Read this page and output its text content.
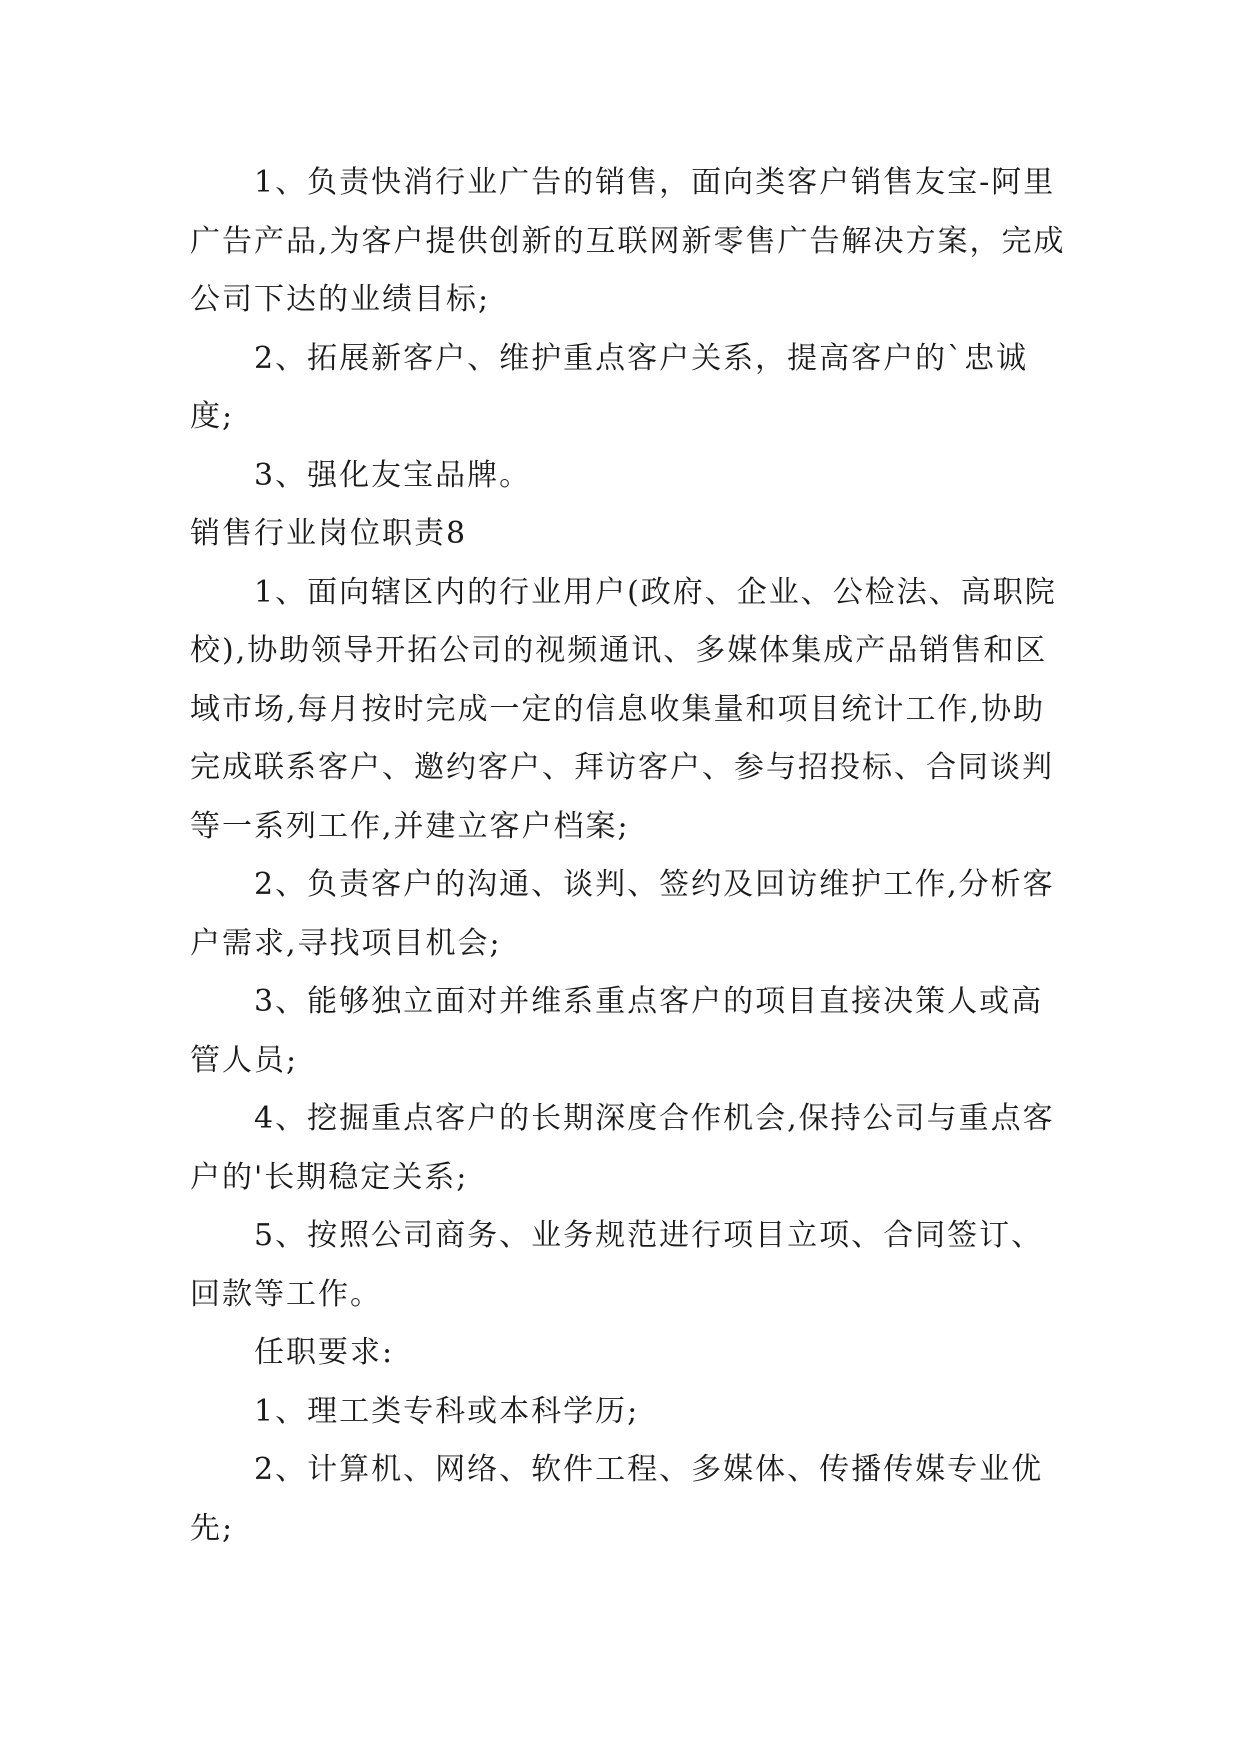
1、负责快消行业广告的销售，面向类客户销售友宝-阿里广告产品,为客户提供创新的互联网新零售广告解决方案，完成公司下达的业绩目标;

2、拓展新客户、维护重点客户关系，提高客户的`忠诚度;

3、强化友宝品牌。

销售行业岗位职责8

1、面向辖区内的行业用户(政府、企业、公检法、高职院校),协助领导开拓公司的视频通讯、多媒体集成产品销售和区域市场,每月按时完成一定的信息收集量和项目统计工作,协助完成联系客户、邀约客户、拜访客户、参与招投标、合同谈判等一系列工作,并建立客户档案;

2、负责客户的沟通、谈判、签约及回访维护工作,分析客户需求,寻找项目机会;

3、能够独立面对并维系重点客户的项目直接决策人或高管人员;

4、挖掘重点客户的长期深度合作机会,保持公司与重点客户的'长期稳定关系;

5、按照公司商务、业务规范进行项目立项、合同签订、回款等工作。

任职要求:

1、理工类专科或本科学历;

2、计算机、网络、软件工程、多媒体、传播传媒专业优先;
